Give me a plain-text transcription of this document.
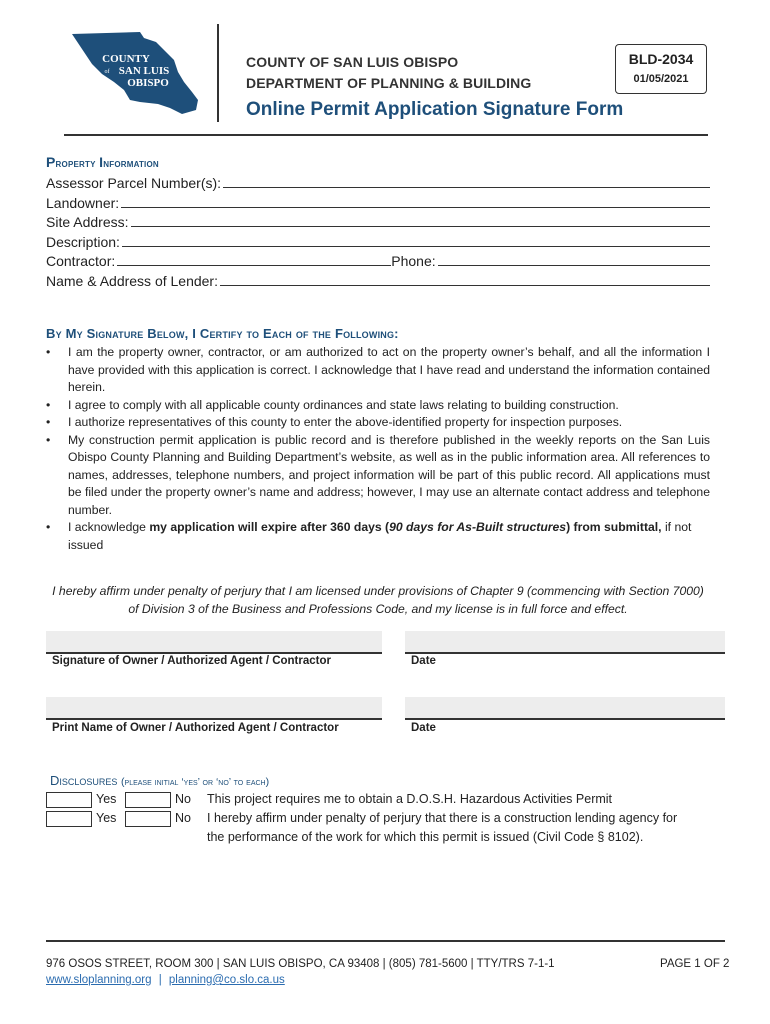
COUNTY
of SAN LUIS
OBISPO
COUNTY OF SAN LUIS OBISPO
DEPARTMENT OF PLANNING & BUILDING
Online Permit Application Signature Form
BLD-2034
01/05/2021
Property Information
Assessor Parcel Number(s):
Landowner:
Site Address:
Description:
Contractor:	Phone:
Name & Address of Lender:
By My Signature Below, I Certify to Each of the Following:
• I am the property owner, contractor, or am authorized to act on the property owner’s behalf, and all the information I have provided with this application is correct. I acknowledge that I have read and understand the information contained herein.
• I agree to comply with all applicable county ordinances and state laws relating to building construction.
• I authorize representatives of this county to enter the above-identified property for inspection purposes.
• My construction permit application is public record and is therefore published in the weekly reports on the San Luis Obispo County Planning and Building Department’s website, as well as in the public information area. All references to names, addresses, telephone numbers, and project information will be part of this public record. All applications must be filed under the property owner’s name and address; however, I may use an alternate contact address and telephone number.
• I acknowledge my application will expire after 360 days (90 days for As-Built structures) from submittal, if not issued
I hereby affirm under penalty of perjury that I am licensed under provisions of Chapter 9 (commencing with Section 7000) of Division 3 of the Business and Professions Code, and my license is in full force and effect.
Signature of Owner / Authorized Agent / Contractor	Date
Print Name of Owner / Authorized Agent / Contractor	Date
Disclosures (please initial ‘yes’ or ‘no’ to each)
Yes	No This project requires me to obtain a D.O.S.H. Hazardous Activities Permit
Yes	No I hereby affirm under penalty of perjury that there is a construction lending agency for
the performance of the work for which this permit is issued (Civil Code § 8102).
976 OSOS STREET, ROOM 300 | SAN LUIS OBISPO, CA 93408 | (805) 781-5600 | TTY/TRS 7-1-1
www.sloplanning.org | planning@co.slo.ca.us
PAGE 1 OF 2
